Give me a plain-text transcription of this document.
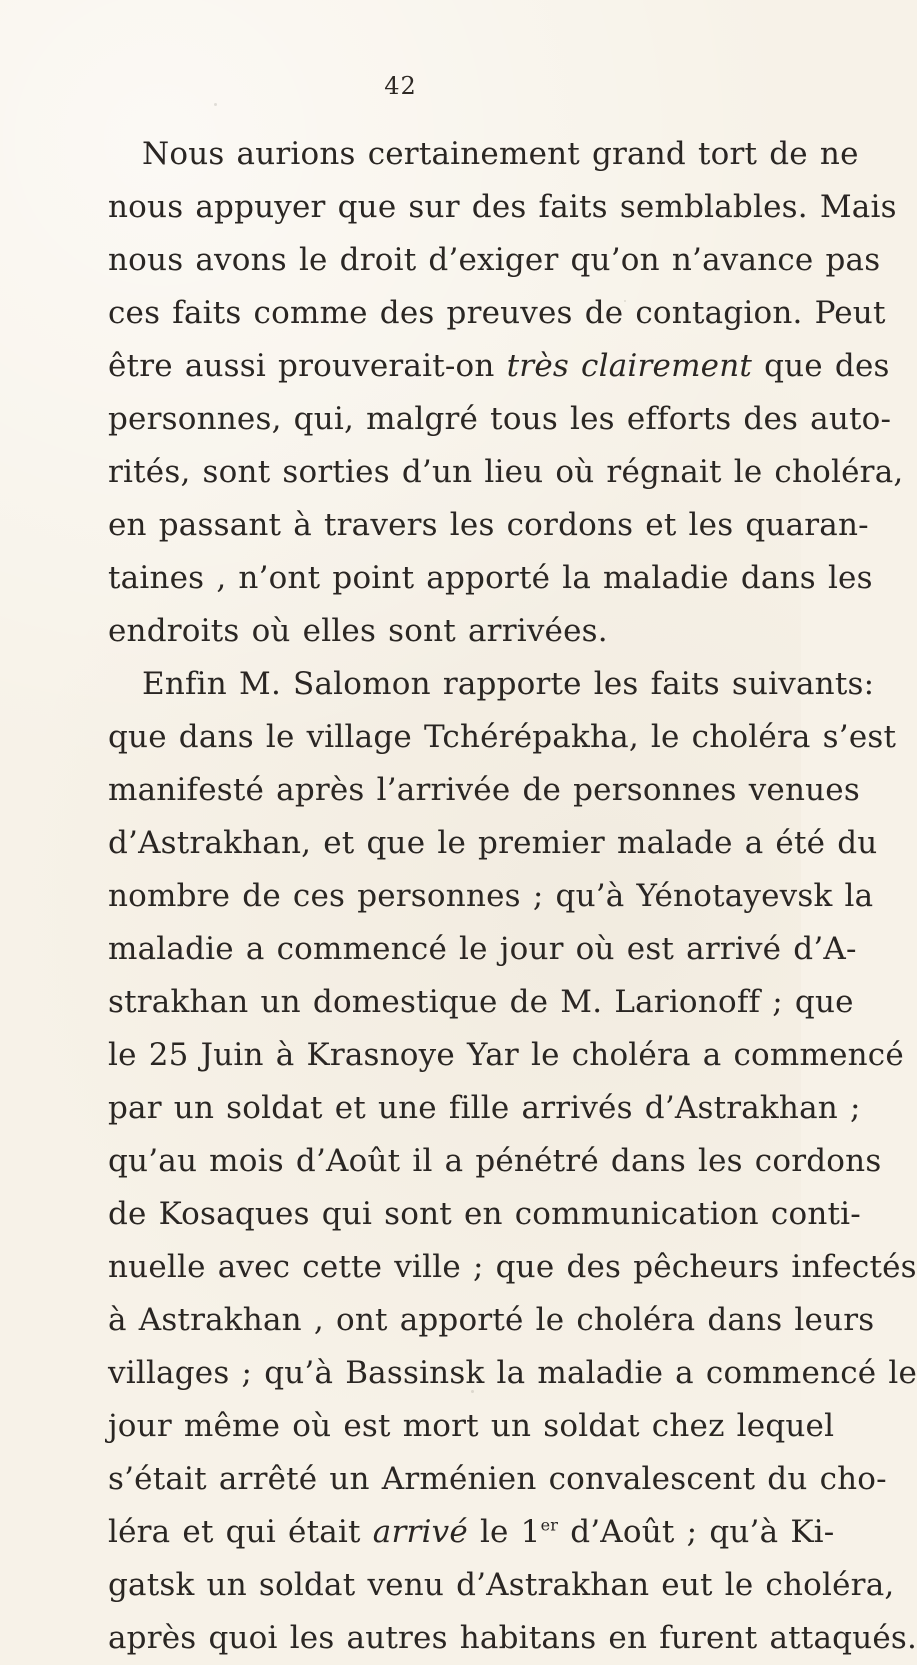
42
Nous aurions certainement grand tort de ne
nous appuyer que sur des faits semblables. Mais
nous avons le droit d’exiger qu’on n’avance pas
ces faits comme des preuves de contagion. Peut
être aussi prouverait-on très clairement que des
personnes, qui, malgré tous les efforts des auto-
rités, sont sorties d’un lieu où régnait le choléra,
en passant à travers les cordons et les quaran-
taines , n’ont point apporté la maladie dans les
endroits où elles sont arrivées.
Enfin M. Salomon rapporte les faits suivants:
que dans le village Tchérépakha, le choléra s’est
manifesté après l’arrivée de personnes venues
d’Astrakhan, et que le premier malade a été du
nombre de ces personnes ; qu’à Yénotayevsk la
maladie a commencé le jour où est arrivé d’A-
strakhan un domestique de M. Larionoff ; que
le 25 Juin à Krasnoye Yar le choléra a commencé
par un soldat et une fille arrivés d’Astrakhan ;
qu’au mois d’Août il a pénétré dans les cordons
de Kosaques qui sont en communication conti-
nuelle avec cette ville ; que des pêcheurs infectés
à Astrakhan , ont apporté le choléra dans leurs
villages ; qu’à Bassinsk la maladie a commencé le
jour même où est mort un soldat chez lequel
s’était arrêté un Arménien convalescent du cho-
léra et qui était arrivé le 1er d’Août ; qu’à Ki-
gatsk un soldat venu d’Astrakhan eut le choléra,
après quoi les autres habitans en furent attaqués.
